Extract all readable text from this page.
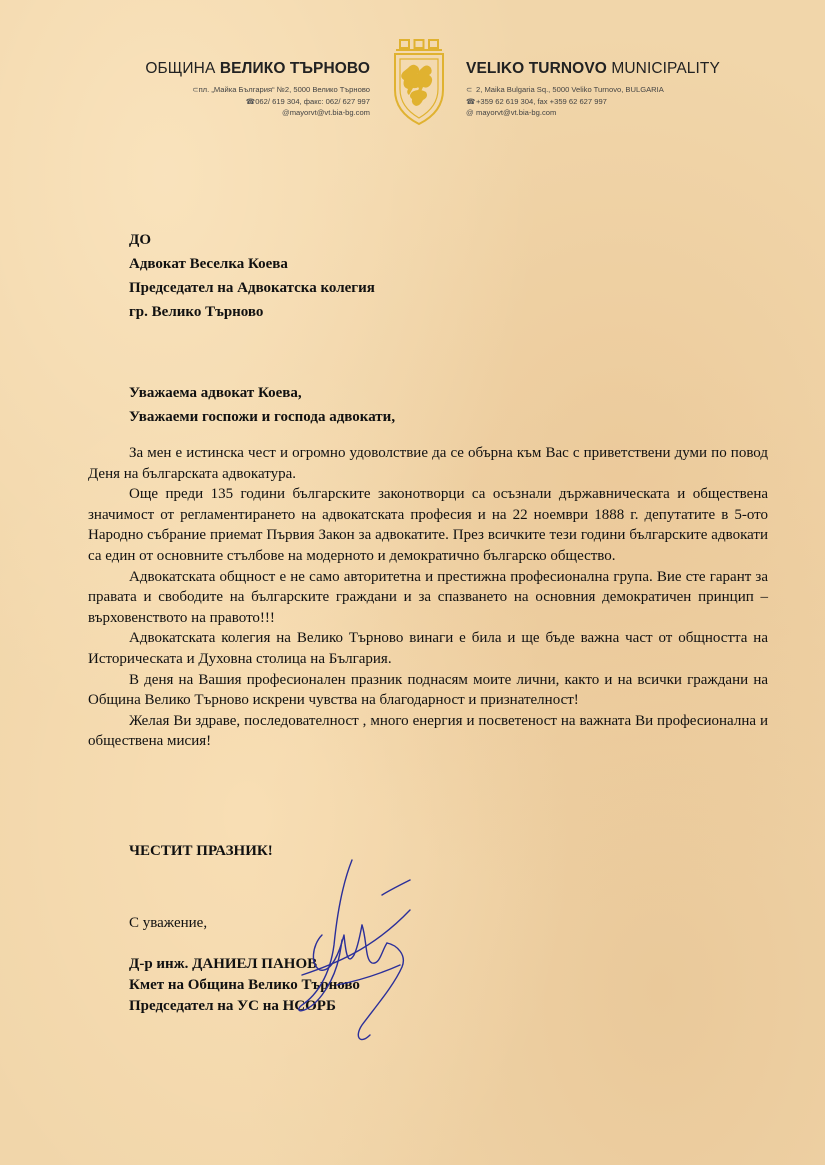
ОБЩИНА ВЕЛИКО ТЪРНОВО
⊂пл. „Майка България“ №2, 5000 Велико Търново
☎062/ 619 304, факс: 062/ 627 997
@mayorvt@vt.bia-bg.com
VELIKO TURNOVO MUNICIPALITY
⊂ 2, Maika Bulgaria Sq., 5000 Veliko Turnovo, BULGARIA
☎+359 62 619 304, fax +359 62 627 997
@ mayorvt@vt.bia-bg.com
ДО
Адвокат Веселка Коева
Председател на Адвокатска колегия
гр. Велико Търново
Уважаема адвокат Коева,
Уважаеми госпожи и господа адвокати,

За мен е истинска чест и огромно удоволствие да се обърна към Вас с приветствени думи по повод Деня на българската адвокатура.

Още преди 135 години българските законотворци са осъзнали държавническата и обществена значимост от регламентирането на адвокатската професия и на 22 ноември 1888 г. депутатите в 5-ото Народно събрание приемат Първия Закон за адвокатите. През всичките тези години българските адвокати са един от основните стълбове на модерното и демократично българско общество.

Адвокатската общност е не само авторитетна и престижна професионална група. Вие сте гарант за правата и свободите на българските граждани и за спазването на основния демократичен принцип – върховенството на правото!!!

Адвокатската колегия на Велико Търново винаги е била и ще бъде важна част от общността на Историческата и Духовна столица на България.

В деня на Вашия професионален празник поднасям моите лични, както и на всички граждани на Община Велико Търново искрени чувства на благодарност и признателност!

Желая Ви здраве, последователност , много енергия и посветеност на важната Ви професионална и обществена мисия!

ЧЕСТИТ ПРАЗНИК!
С уважение,
Д-р инж. ДАНИЕЛ ПАНОВ
Кмет на Община Велико Търново
Председател на УС на НСОРБ
